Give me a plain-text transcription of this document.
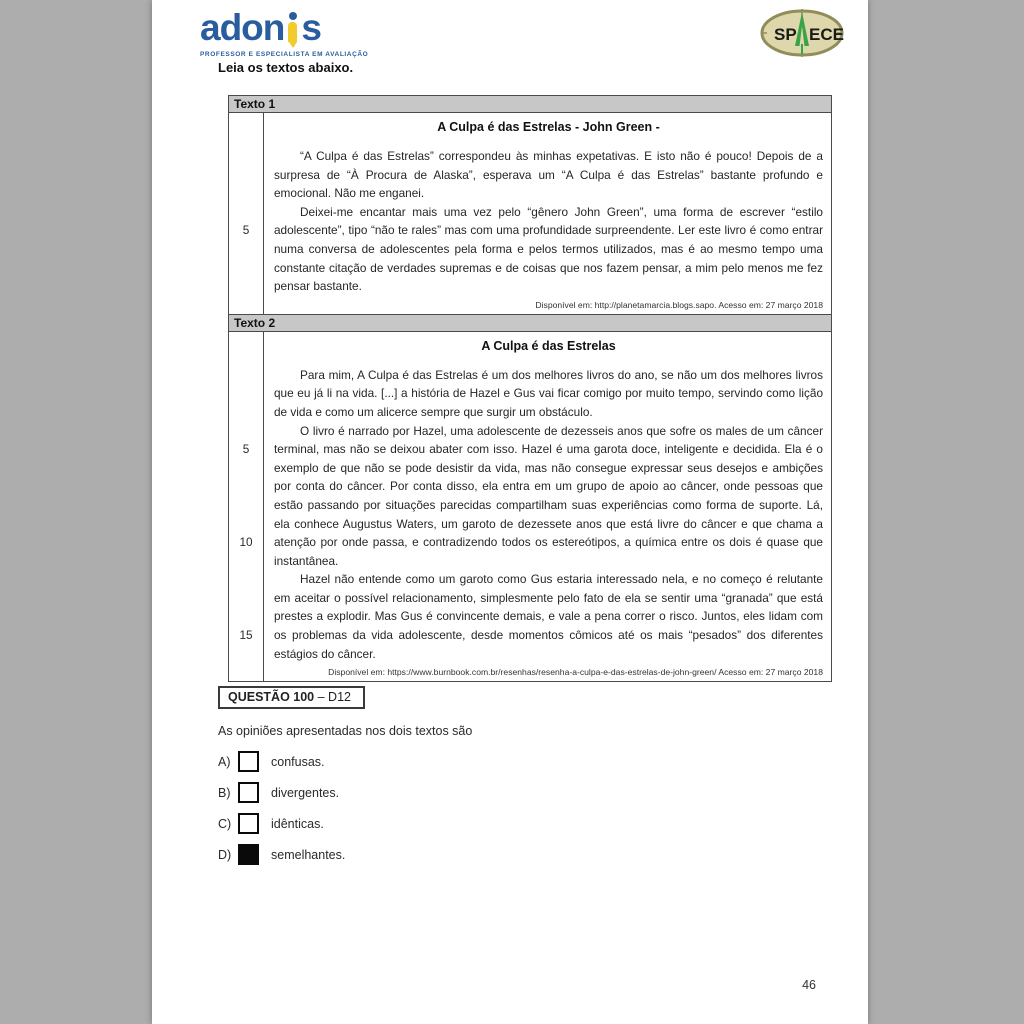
adon s
PROFESSOR E ESPECIALISTA EM AVALIAÇÃO
SP ECE
Leia os textos abaixo.
Texto 1
5
A Culpa é das Estrelas - John Green -

“A Culpa é das Estrelas” correspondeu às minhas expetativas. E isto não é pouco! Depois de a surpresa de “À Procura de Alaska”, esperava um “A Culpa é das Estrelas” bastante profundo e emocional. Não me enganei.

Deixei-me encantar mais uma vez pelo “gênero John Green”, uma forma de escrever “estilo adolescente”, tipo “não te rales” mas com uma profundidade surpreendente. Ler este livro é como entrar numa conversa de adolescentes pela forma e pelos termos utilizados, mas é ao mesmo tempo uma constante citação de verdades supremas e de coisas que nos fazem pensar, a mim pelo menos me fez pensar bastante.

Disponível em: http://planetamarcia.blogs.sapo. Acesso em: 27 março 2018
Texto 2
5
10
15
A Culpa é das Estrelas

Para mim, A Culpa é das Estrelas é um dos melhores livros do ano, se não um dos melhores livros que eu já li na vida. [...] a história de Hazel e Gus vai ficar comigo por muito tempo, servindo como lição de vida e como um alicerce sempre que surgir um obstáculo.

O livro é narrado por Hazel, uma adolescente de dezesseis anos que sofre os males de um câncer terminal, mas não se deixou abater com isso. Hazel é uma garota doce, inteligente e decidida. Ela é o exemplo de que não se pode desistir da vida, mas não consegue expressar seus desejos e ambições por conta do câncer. Por conta disso, ela entra em um grupo de apoio ao câncer, onde pessoas que estão passando por situações parecidas compartilham suas experiências como forma de suporte. Lá, ela conhece Augustus Waters, um garoto de dezessete anos que está livre do câncer e que chama a atenção por onde passa, e contradizendo todos os estereótipos, a química entre os dois é quase que instantânea.

Hazel não entende como um garoto como Gus estaria interessado nela, e no começo é relutante em aceitar o possível relacionamento, simplesmente pelo fato de ela se sentir uma “granada” que está prestes a explodir. Mas Gus é convincente demais, e vale a pena correr o risco. Juntos, eles lidam com os problemas da vida adolescente, desde momentos cômicos até os mais “pesados” dos diferentes estágios do câncer.

Disponível em: https://www.burnbook.com.br/resenhas/resenha-a-culpa-e-das-estrelas-de-john-green/ Acesso em: 27 março 2018
QUESTÃO 100 – D12
As opiniões apresentadas nos dois textos são
A)	confusas.
B)	divergentes.
C)	idênticas.
D)	semelhantes.
46
